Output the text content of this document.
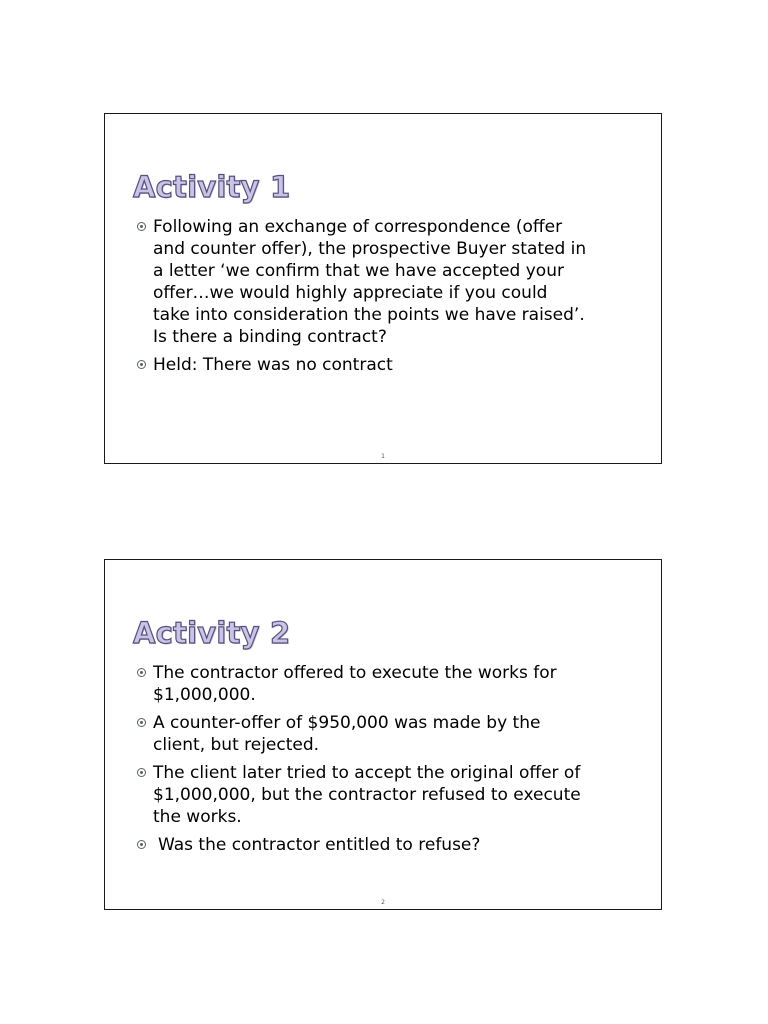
Activity 1
Following an exchange of correspondence (offer and counter offer), the prospective Buyer stated in a letter ‘we confirm that we have accepted your offer…we would highly appreciate if you could take into consideration the points we have raised’. Is there a binding contract?
Held: There was no contract
1
Activity 2
The contractor offered to execute the works for $1,000,000.
A counter-offer of $950,000 was made by the client, but rejected.
The client later tried to accept the original offer of $1,000,000, but the contractor refused to execute the works.
Was the contractor entitled to refuse?
2
